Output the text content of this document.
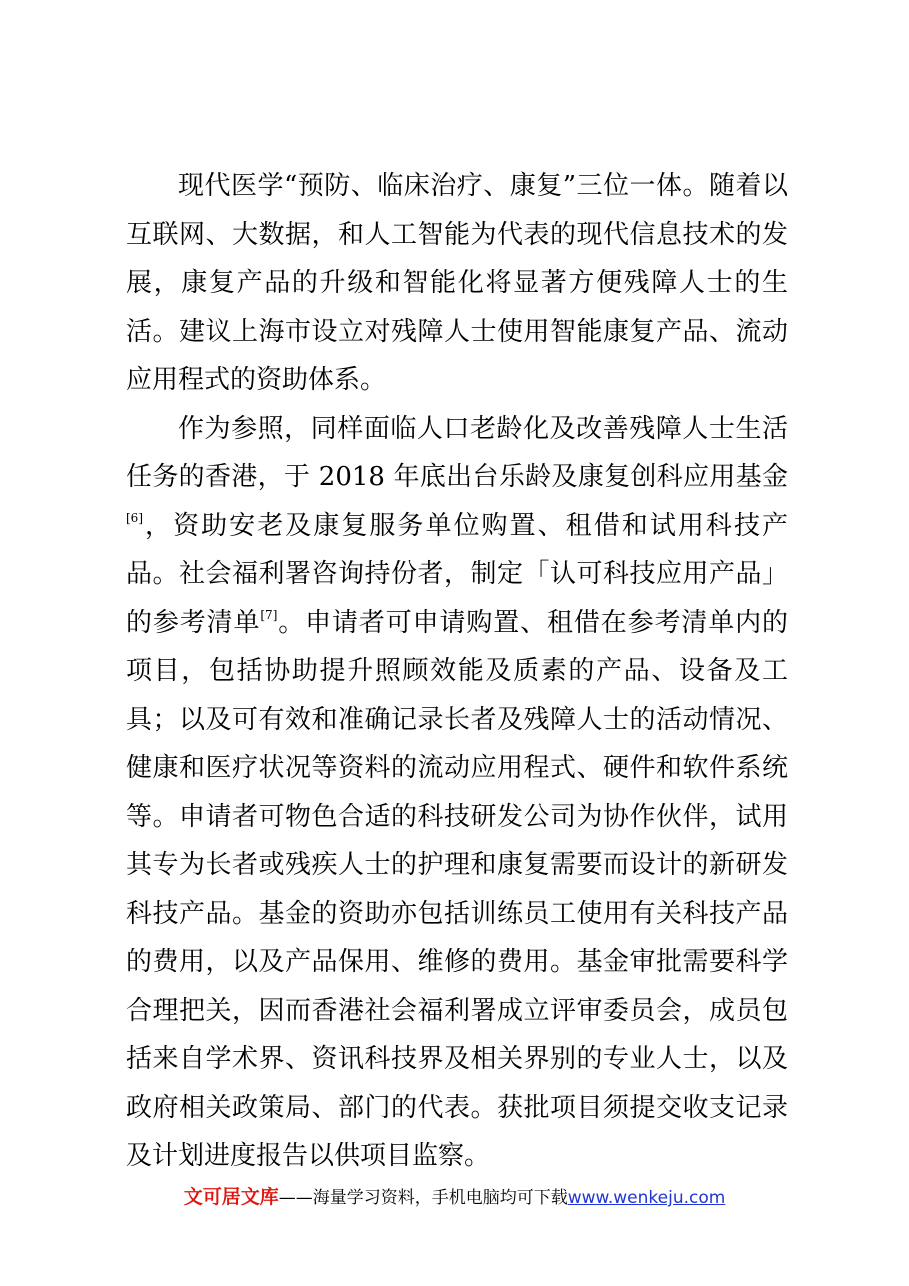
现代医学“预防、临床治疗、康复”三位一体。随着以互联网、大数据，和人工智能为代表的现代信息技术的发展，康复产品的升级和智能化将显著方便残障人士的生活。建议上海市设立对残障人士使用智能康复产品、流动应用程式的资助体系。

作为参照，同样面临人口老龄化及改善残障人士生活任务的香港，于 2018 年底出台乐龄及康复创科应用基金[6]，资助安老及康复服务单位购置、租借和试用科技产品。社会福利署咨询持份者，制定「认可科技应用产品」的参考清单[7]。申请者可申请购置、租借在参考清单内的项目，包括协助提升照顾效能及质素的产品、设备及工具；以及可有效和准确记录长者及残障人士的活动情况、健康和医疗状况等资料的流动应用程式、硬件和软件系统等。申请者可物色合适的科技研发公司为协作伙伴，试用其专为长者或残疾人士的护理和康复需要而设计的新研发科技产品。基金的资助亦包括训练员工使用有关科技产品的费用，以及产品保用、维修的费用。基金审批需要科学合理把关，因而香港社会福利署成立评审委员会，成员包括来自学术界、资讯科技界及相关界别的专业人士，以及政府相关政策局、部门的代表。获批项目须提交收支记录及计划进度报告以供项目监察。

文可居文库——海量学习资料，手机电脑均可下载www.wenkeju.com
